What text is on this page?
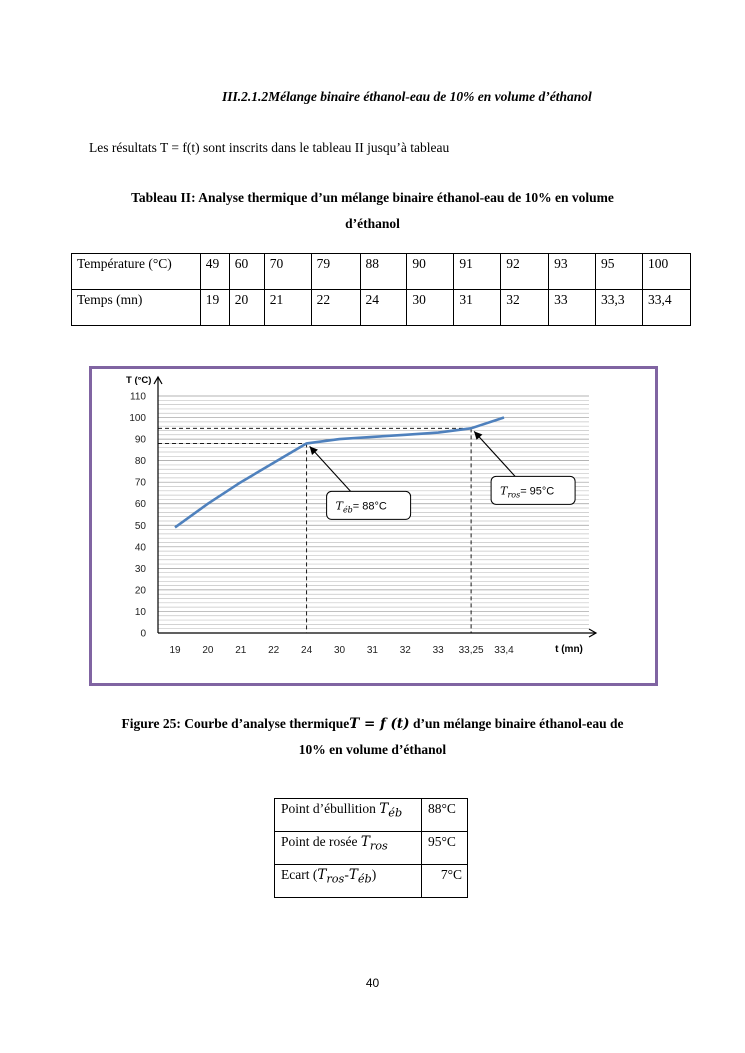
III.2.1.2Mélange binaire éthanol-eau de 10% en volume d’éthanol
Les résultats T = f(t) sont inscrits dans le tableau II jusqu’à tableau
Tableau II: Analyse thermique d’un mélange binaire éthanol-eau de 10% en volume
d’éthanol
Température (°C)	49	60	70	79	88	90	91	92	93	95	100
Temps (mn)	19	20	21	22	24	30	31	32	33	33,3	33,4
0
10
20
30
40
50
60
70
80
90
100
110
19 20 21 22 24 30 31 32 33 33,25 33,4
T (°C)
t (mn)
$T_{éb}= 88^\circ C$
$T_{ros}= 95^\circ C$
Figure 25: Courbe d’analyse thermiqueT = f (t) d’un mélange binaire éthanol-eau de
10% en volume d’éthanol
Point d’ébullition $T_{éb}$	88°C
Point de rosée $T_{ros}$	95°C
Ecart $(T_{ros}-T_{éb})$	7°C
40
